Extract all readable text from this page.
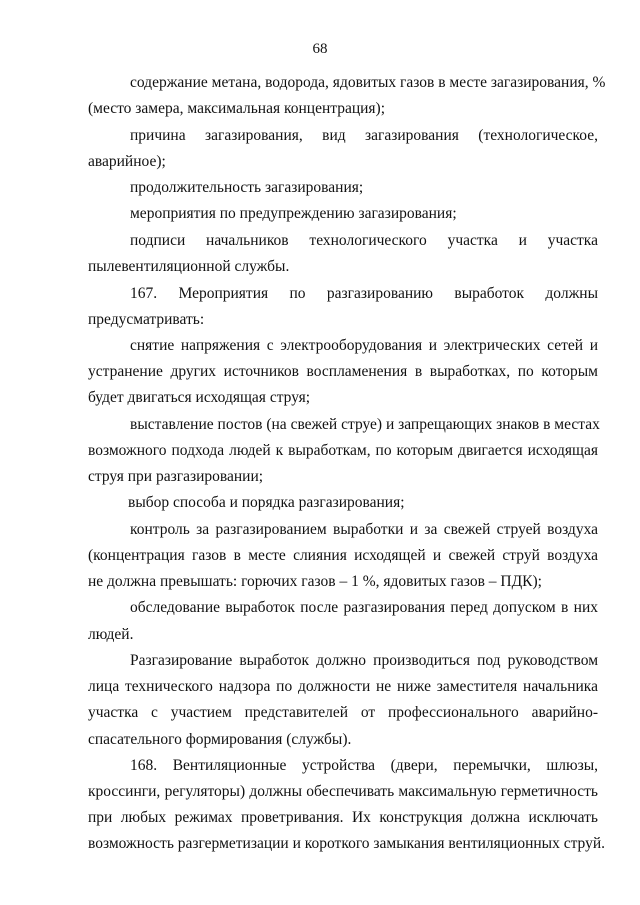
68
содержание метана, водорода, ядовитых газов в месте загазирования, %
(место замера, максимальная концентрация);
причина загазирования, вид загазирования (технологическое,
аварийное);
продолжительность загазирования;
мероприятия по предупреждению загазирования;
подписи начальников технологического участка и участка
пылевентиляционной службы.
167. Мероприятия по разгазированию выработок должны
предусматривать:
снятие напряжения с электрооборудования и электрических сетей и
устранение других источников воспламенения в выработках, по которым
будет двигаться исходящая струя;
выставление постов (на свежей струе) и запрещающих знаков в местах
возможного подхода людей к выработкам, по которым двигается исходящая
струя при разгазировании;
выбор способа и порядка разгазирования;
контроль за разгазированием выработки и за свежей струей воздуха
(концентрация газов в месте слияния исходящей и свежей струй воздуха
не должна превышать: горючих газов – 1 %, ядовитых газов – ПДК);
обследование выработок после разгазирования перед допуском в них
людей.
Разгазирование выработок должно производиться под руководством
лица технического надзора по должности не ниже заместителя начальника
участка с участием представителей от профессионального аварийно-
спасательного формирования (службы).
168. Вентиляционные устройства (двери, перемычки, шлюзы,
кроссинги, регуляторы) должны обеспечивать максимальную герметичность
при любых режимах проветривания. Их конструкция должна исключать
возможность разгерметизации и короткого замыкания вентиляционных струй.
